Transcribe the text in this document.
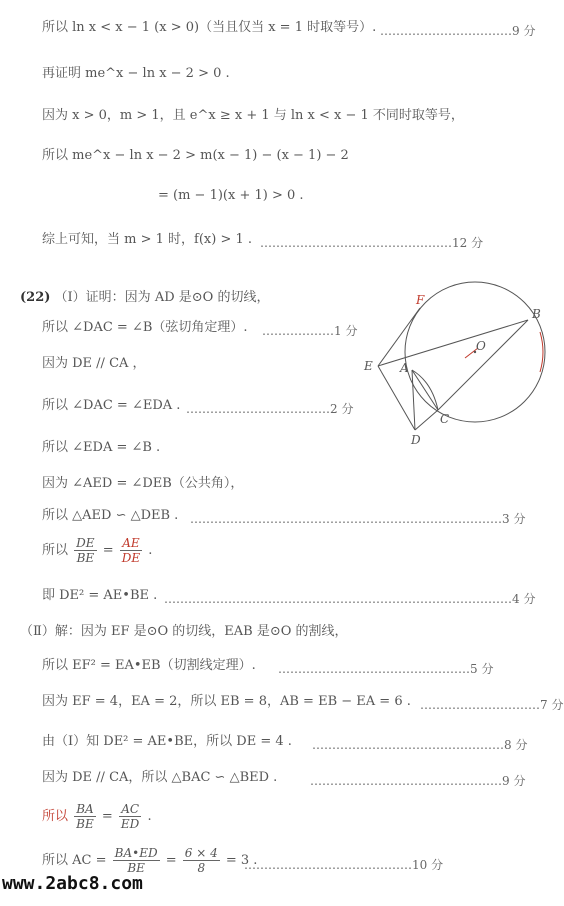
所以 ln x < x − 1 (x > 0)（当且仅当 x = 1 时取等号）. ……………………………9 分
再证明 me^x − ln x − 2 > 0 .
因为 x > 0，m > 1，且 e^x ≥ x + 1 与 ln x < x − 1 不同时取等号，
所以 me^x − ln x − 2 > m(x − 1) − (x − 1) − 2
= (m − 1)(x + 1) > 0 .
综上可知，当 m > 1 时，f(x) > 1 . …………………………………………12 分
(22) （Ⅰ）证明：因为 AD 是⊙O 的切线，
所以 ∠DAC = ∠B（弦切角定理）. ………………1 分
因为 DE // CA ，
所以 ∠DAC = ∠EDA . ………………………………2 分
所以 ∠EDA = ∠B .
因为 ∠AED = ∠DEB（公共角），
所以 △AED ∽ △DEB . ……………………………………………………………………3 分
所以 $\frac{DE}{BE} = \frac{AE}{DE}$ .
即 DE² = AE•BE . ……………………………………………………………………………4 分
（Ⅱ）解：因为 EF 是⊙O 的切线，EAB 是⊙O 的割线，
所以 EF² = EA•EB（切割线定理）. …………………………………………5 分
因为 EF = 4，EA = 2，所以 EB = 8，AB = EB − EA = 6 . …………………………7 分
由（Ⅰ）知 DE² = AE•BE，所以 DE = 4 . …………………………………………8 分
因为 DE // CA，所以 △BAC ∽ △BED .	…………………………………………9 分
所以 $\frac{BA}{BE} = \frac{AC}{ED}$ .
所以 AC = $\frac{BA•ED}{BE} = \frac{6 \times 4}{8} = 3$ .
……………………………………10 分
F
B
E A
O
C
D
www.2abc8.com
